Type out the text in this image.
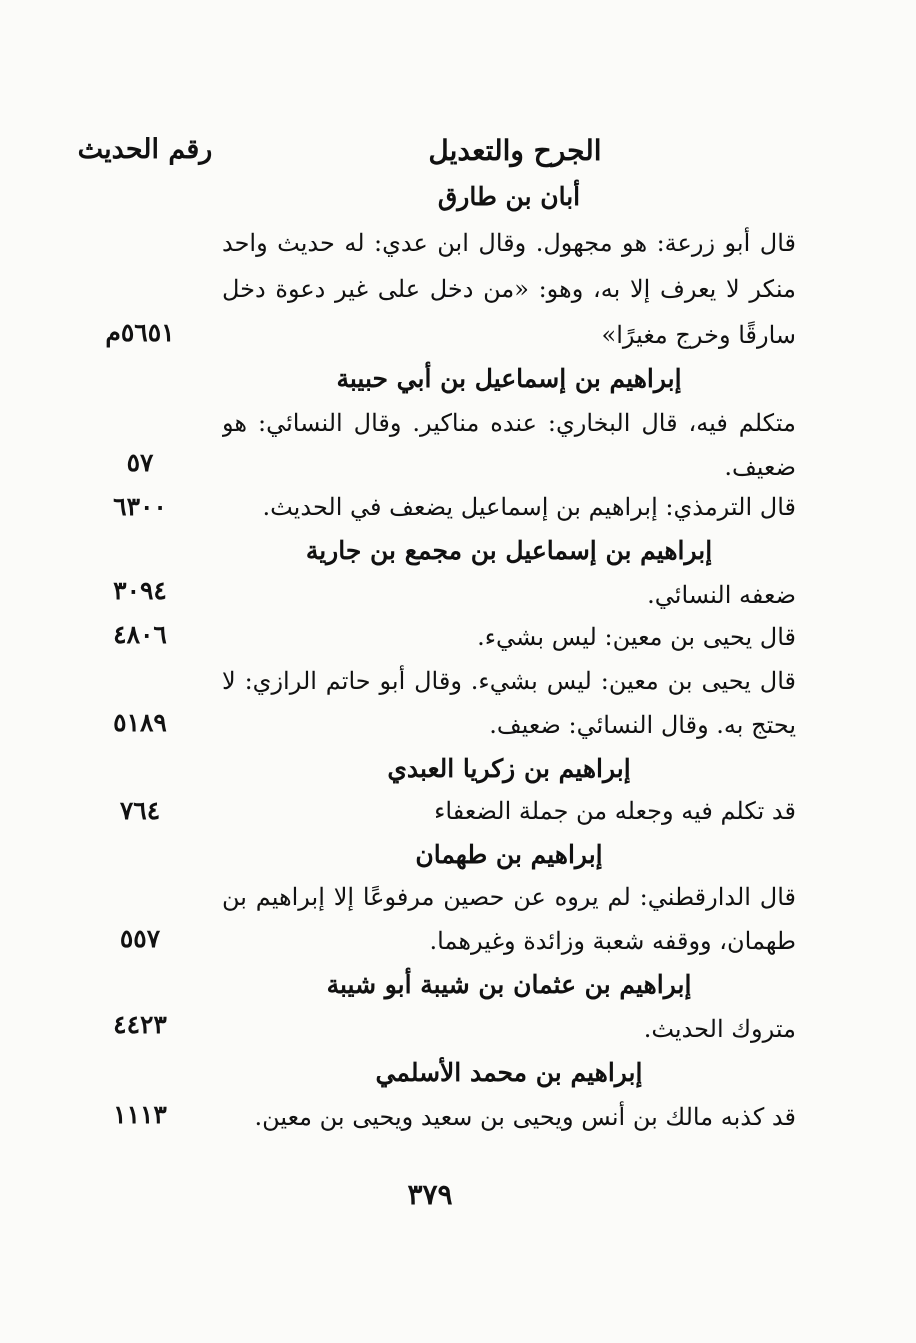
الجرح والتعديل
رقم الحديث
أبان بن طارق
قال أبو زرعة: هو مجهول. وقال ابن عدي: له حديث واحد
منكر لا يعرف إلا به، وهو: «من دخل على غير دعوة دخل
سارقًا وخرج مغيرًا»
٥٦٥١م
إبراهيم بن إسماعيل بن أبي حبيبة
متكلم فيه، قال البخاري: عنده مناكير. وقال النسائي: هو
ضعيف.
٥٧
قال الترمذي: إبراهيم بن إسماعيل يضعف في الحديث.
٦٣٠٠
إبراهيم بن إسماعيل بن مجمع بن جارية
ضعفه النسائي.
٣٠٩٤
قال يحيى بن معين: ليس بشيء.
٤٨٠٦
قال يحيى بن معين: ليس بشيء. وقال أبو حاتم الرازي: لا
يحتج به. وقال النسائي: ضعيف.
٥١٨٩
إبراهيم بن زكريا العبدي
قد تكلم فيه وجعله من جملة الضعفاء
٧٦٤
إبراهيم بن طهمان
قال الدارقطني: لم يروه عن حصين مرفوعًا إلا إبراهيم بن
طهمان، ووقفه شعبة وزائدة وغيرهما.
٥٥٧
إبراهيم بن عثمان بن شيبة أبو شيبة
متروك الحديث.
٤٤٢٣
إبراهيم بن محمد الأسلمي
قد كذبه مالك بن أنس ويحيى بن سعيد ويحيى بن معين.
١١١٣
٣٧٩
